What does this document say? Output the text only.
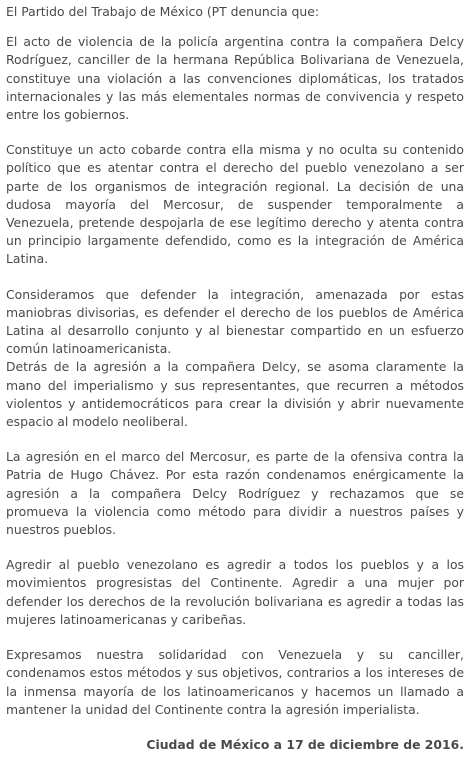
El Partido del Trabajo de México (PT denuncia que:

El acto de violencia de la policía argentina contra la compañera Delcy Rodríguez, canciller de la hermana República Bolivariana de Venezuela, constituye una violación a las convenciones diplomáticas, los tratados internacionales y las más elementales normas de convivencia y respeto entre los gobiernos.

Constituye un acto cobarde contra ella misma y no oculta su contenido político que es atentar contra el derecho del pueblo venezolano a ser parte de los organismos de integración regional. La decisión de una dudosa mayoría del Mercosur, de suspender temporalmente a Venezuela, pretende despojarla de ese legítimo derecho y atenta contra un principio largamente defendido, como es la integración de América Latina.

Consideramos que defender la integración, amenazada por estas maniobras divisorias, es defender el derecho de los pueblos de América Latina al desarrollo conjunto y al bienestar compartido en un esfuerzo común latinoamericanista.

Detrás de la agresión a la compañera Delcy, se asoma claramente la mano del imperialismo y sus representantes, que recurren a métodos violentos y antidemocráticos para crear la división y abrir nuevamente espacio al modelo neoliberal.

La agresión en el marco del Mercosur, es parte de la ofensiva contra la Patria de Hugo Chávez. Por esta razón condenamos enérgicamente la agresión a la compañera Delcy Rodríguez y rechazamos que se promueva la violencia como método para dividir a nuestros países y nuestros pueblos.

Agredir al pueblo venezolano es agredir a todos los pueblos y a los movimientos progresistas del Continente. Agredir a una mujer por defender los derechos de la revolución bolivariana es agredir a todas las mujeres latinoamericanas y caribeñas.

Expresamos nuestra solidaridad con Venezuela y su canciller, condenamos estos métodos y sus objetivos, contrarios a los intereses de la inmensa mayoría de los latinoamericanos y hacemos un llamado a mantener la unidad del Continente contra la agresión imperialista.

Ciudad de México a 17 de diciembre de 2016.
